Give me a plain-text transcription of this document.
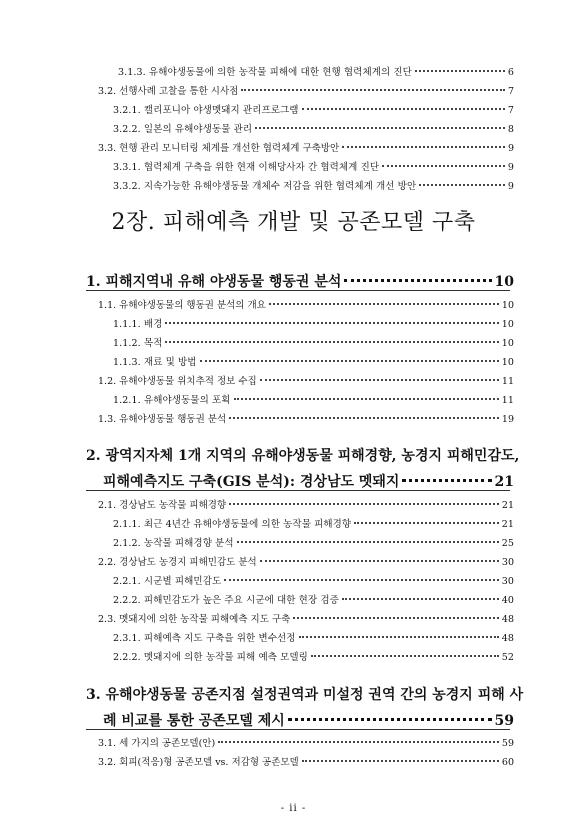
3.1.3. 유해야생동물에 의한 농작물 피해에 대한 현행 협력체계의 진단	6
3.2. 선행사례 고찰을 통한 시사점	7
3.2.1. 캘리포니아 야생멧돼지 관리프로그램	7
3.2.2. 일본의 유해야생동물 관리	8
3.3. 현행 관리 모니터링 체계를 개선한 협력체계 구축방안	9
3.3.1. 협력체계 구축을 위한 현재 이해당사자 간 협력체계 진단	9
3.3.2. 지속가능한 유해야생동물 개체수 저감을 위한 협력체계 개선 방안	9
2장. 피해예측 개발 및 공존모델 구축
1. 피해지역내 유해 야생동물 행동권 분석	10
1.1. 유해야생동물의 행동권 분석의 개요	10
1.1.1. 배경	10
1.1.2. 목적	10
1.1.3. 재료 및 방법	10
1.2. 유해야생동물 위치추적 정보 수집	11
1.2.1. 유해야생동물의 포획	11
1.3. 유해야생동물 행동권 분석	19
2. 광역지자체 1개 지역의 유해야생동물 피해경향, 농경지 피해민감도,
피해예측지도 구축(GIS 분석): 경상남도 멧돼지	21
2.1. 경상남도 농작물 피해경향	21
2.1.1. 최근 4년간 유해야생동물에 의한 농작물 피해경향	21
2.1.2. 농작물 피해경향 분석	25
2.2. 경상남도 농경지 피해민감도 분석	30
2.2.1. 시군별 피해민감도	30
2.2.2. 피해민감도가 높은 주요 시군에 대한 현장 검증	40
2.3. 멧돼지에 의한 농작물 피해예측 지도 구축	48
2.3.1. 피해예측 지도 구축을 위한 변수선정	48
2.2.2. 멧돼지에 의한 농작물 피해 예측 모델링	52
3. 유해야생동물 공존지점 설정권역과 미설정 권역 간의 농경지 피해 사
례 비교를 통한 공존모델 제시	59
3.1. 세 가지의 공존모델(안)	59
3.2. 회피(적응)형 공존모델 vs. 저감형 공존모델	60
- ii -
